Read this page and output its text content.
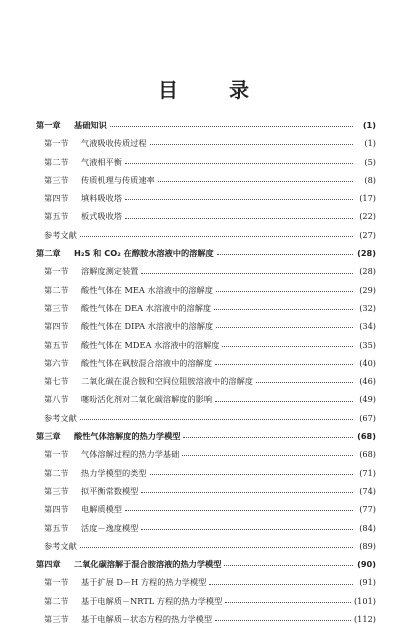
目 录
第一章	基础知识	(1)
第一节	气液吸收传质过程	(1)
第二节	气液相平衡	(5)
第三节	传质机理与传质速率	(8)
第四节	填料吸收塔	(17)
第五节	板式吸收塔	(22)
参考文献	(27)
第二章	H₂S 和 CO₂ 在醇胺水溶液中的溶解度	(28)
第一节	溶解度测定装置	(28)
第二节	酸性气体在 MEA 水溶液中的溶解度	(29)
第三节	酸性气体在 DEA 水溶液中的溶解度	(32)
第四节	酸性气体在 DIPA 水溶液中的溶解度	(34)
第五节	酸性气体在 MDEA 水溶液中的溶解度	(35)
第六节	酸性气体在砜胺混合溶液中的溶解度	(40)
第七节	二氧化碳在混合胺和空间位阻胺溶液中的溶解度	(46)
第八节	噻吩活化剂对二氧化碳溶解度的影响	(49)
参考文献	(67)
第三章	酸性气体溶解度的热力学模型	(68)
第一节	气体溶解过程的热力学基础	(68)
第二节	热力学模型的类型	(71)
第三节	拟平衡常数模型	(74)
第四节	电解质模型	(77)
第五节	活度－逸度模型	(84)
参考文献	(89)
第四章	二氧化碳溶解于混合胺溶液的热力学模型	(90)
第一节	基于扩展 D－H 方程的热力学模型	(91)
第二节	基于电解质－NRTL 方程的热力学模型	(101)
第三节	基于电解质－状态方程的热力学模型	(112)
